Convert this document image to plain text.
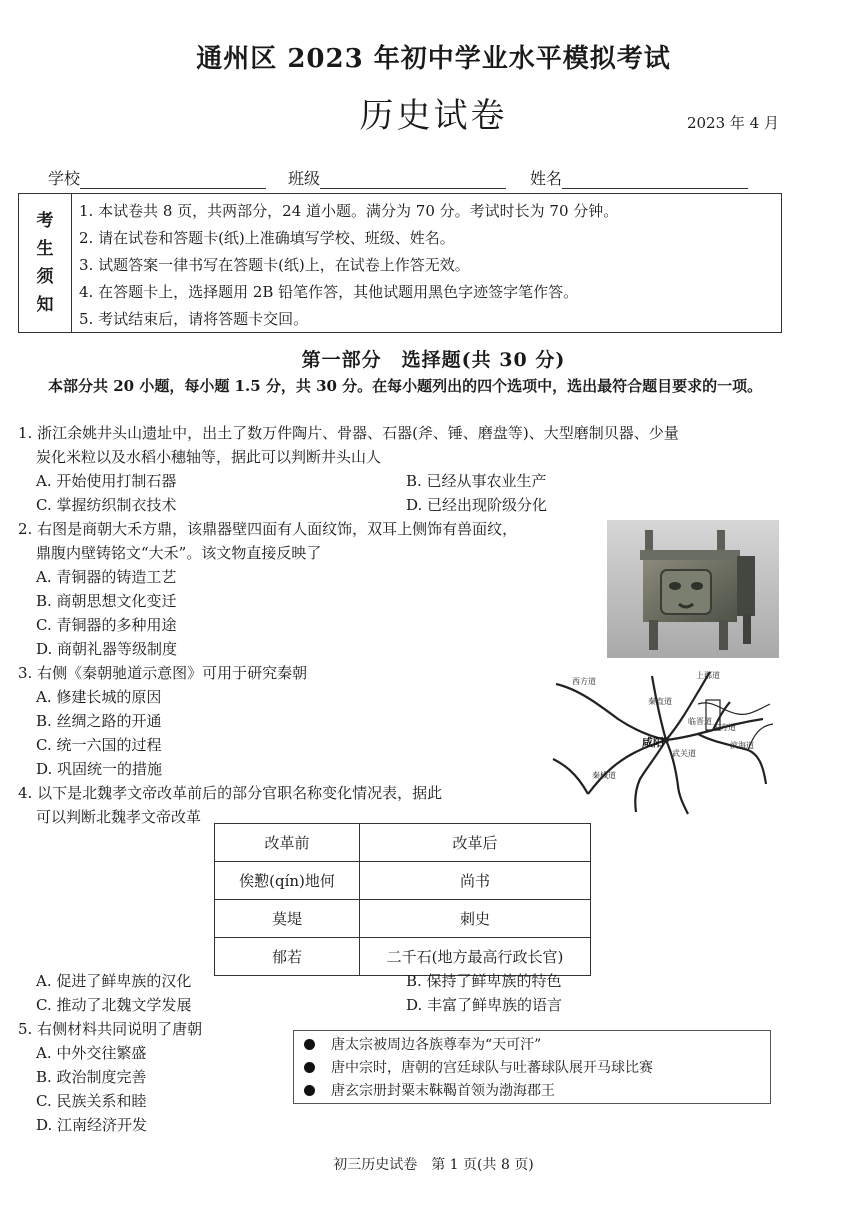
通州区 2023 年初中学业水平模拟考试
历史试卷	2023 年 4 月
学校	班级	姓名
考
生
须
知
1. 本试卷共 8 页，共两部分，24 道小题。满分为 70 分。考试时长为 70 分钟。
2. 请在试卷和答题卡(纸)上准确填写学校、班级、姓名。
3. 试题答案一律书写在答题卡(纸)上，在试卷上作答无效。
4. 在答题卡上，选择题用 2B 铅笔作答，其他试题用黑色字迹签字笔作答。
5. 考试结束后，请将答题卡交回。
第一部分　选择题(共 30 分)
本部分共 20 小题，每小题 1.5 分，共 30 分。在每小题列出的四个选项中，选出最符合题目要求的一项。
1. 浙江余姚井头山遗址中，出土了数万件陶片、骨器、石器(斧、锤、磨盘等)、大型磨制贝器、少量
炭化米粒以及水稻小穗轴等，据此可以判断井头山人
A. 开始使用打制石器	B. 已经从事农业生产
C. 掌握纺织制衣技术	D. 已经出现阶级分化
2. 右图是商朝大禾方鼎，该鼎器壁四面有人面纹饰，双耳上侧饰有兽面纹，
鼎腹内壁铸铭文“大禾”。该文物直接反映了
A. 青铜器的铸造工艺
B. 商朝思想文化变迁
C. 青铜器的多种用途
D. 商朝礼器等级制度
3. 右侧《秦朝驰道示意图》可用于研究秦朝
A. 修建长城的原因
B. 丝绸之路的开通
C. 统一六国的过程
D. 巩固统一的措施
西方道
秦直道
上郡道
临晋道
东方道
滨海道
秦栈道
武关道
咸阳
4. 以下是北魏孝文帝改革前后的部分官职名称变化情况表，据此
可以判断北魏孝文帝改革
改革前	改革后
俟懃(qín)地何	尚书
莫堤	刺史
郁若	二千石(地方最高行政长官)
A. 促进了鲜卑族的汉化	B. 保持了鲜卑族的特色
C. 推动了北魏文学发展	D. 丰富了鲜卑族的语言
5. 右侧材料共同说明了唐朝
A. 中外交往繁盛
B. 政治制度完善
C. 民族关系和睦
D. 江南经济开发
唐太宗被周边各族尊奉为“天可汗”
唐中宗时，唐朝的宫廷球队与吐蕃球队展开马球比赛
唐玄宗册封粟末靺鞨首领为渤海郡王
初三历史试卷　第 1 页(共 8 页)
